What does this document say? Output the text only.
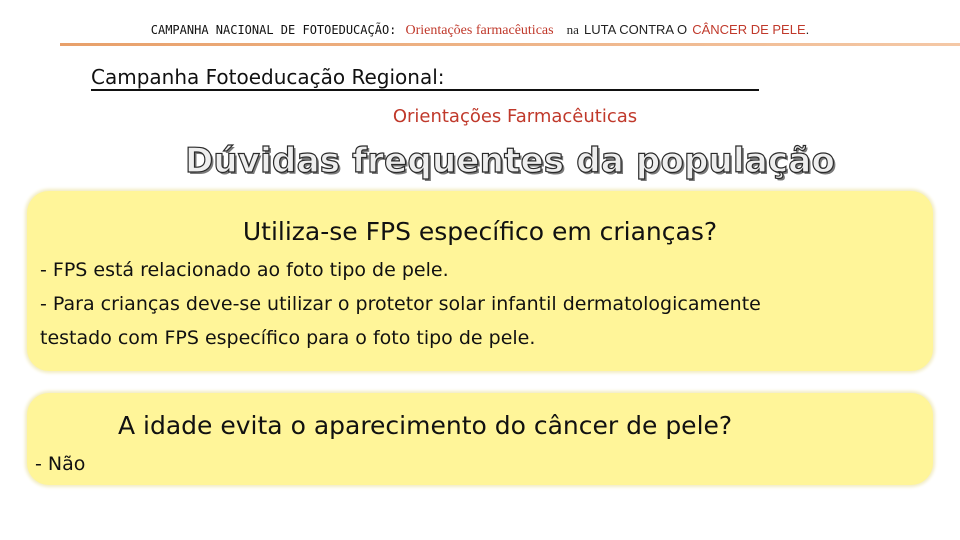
CAMPANHA NACIONAL DE FOTOEDUCAÇÃO: Orientações farmacêuticas na LUTA CONTRA O CÂNCER DE PELE.
Campanha Fotoeducação Regional:
Orientações Farmacêuticas
Dúvidas frequentes da população
Utiliza-se FPS específico em crianças?
- FPS está relacionado ao foto tipo de pele.
- Para crianças deve-se utilizar o protetor solar infantil dermatologicamente
testado com FPS específico para o foto tipo de pele.
A idade evita o aparecimento do câncer de pele?
- Não
